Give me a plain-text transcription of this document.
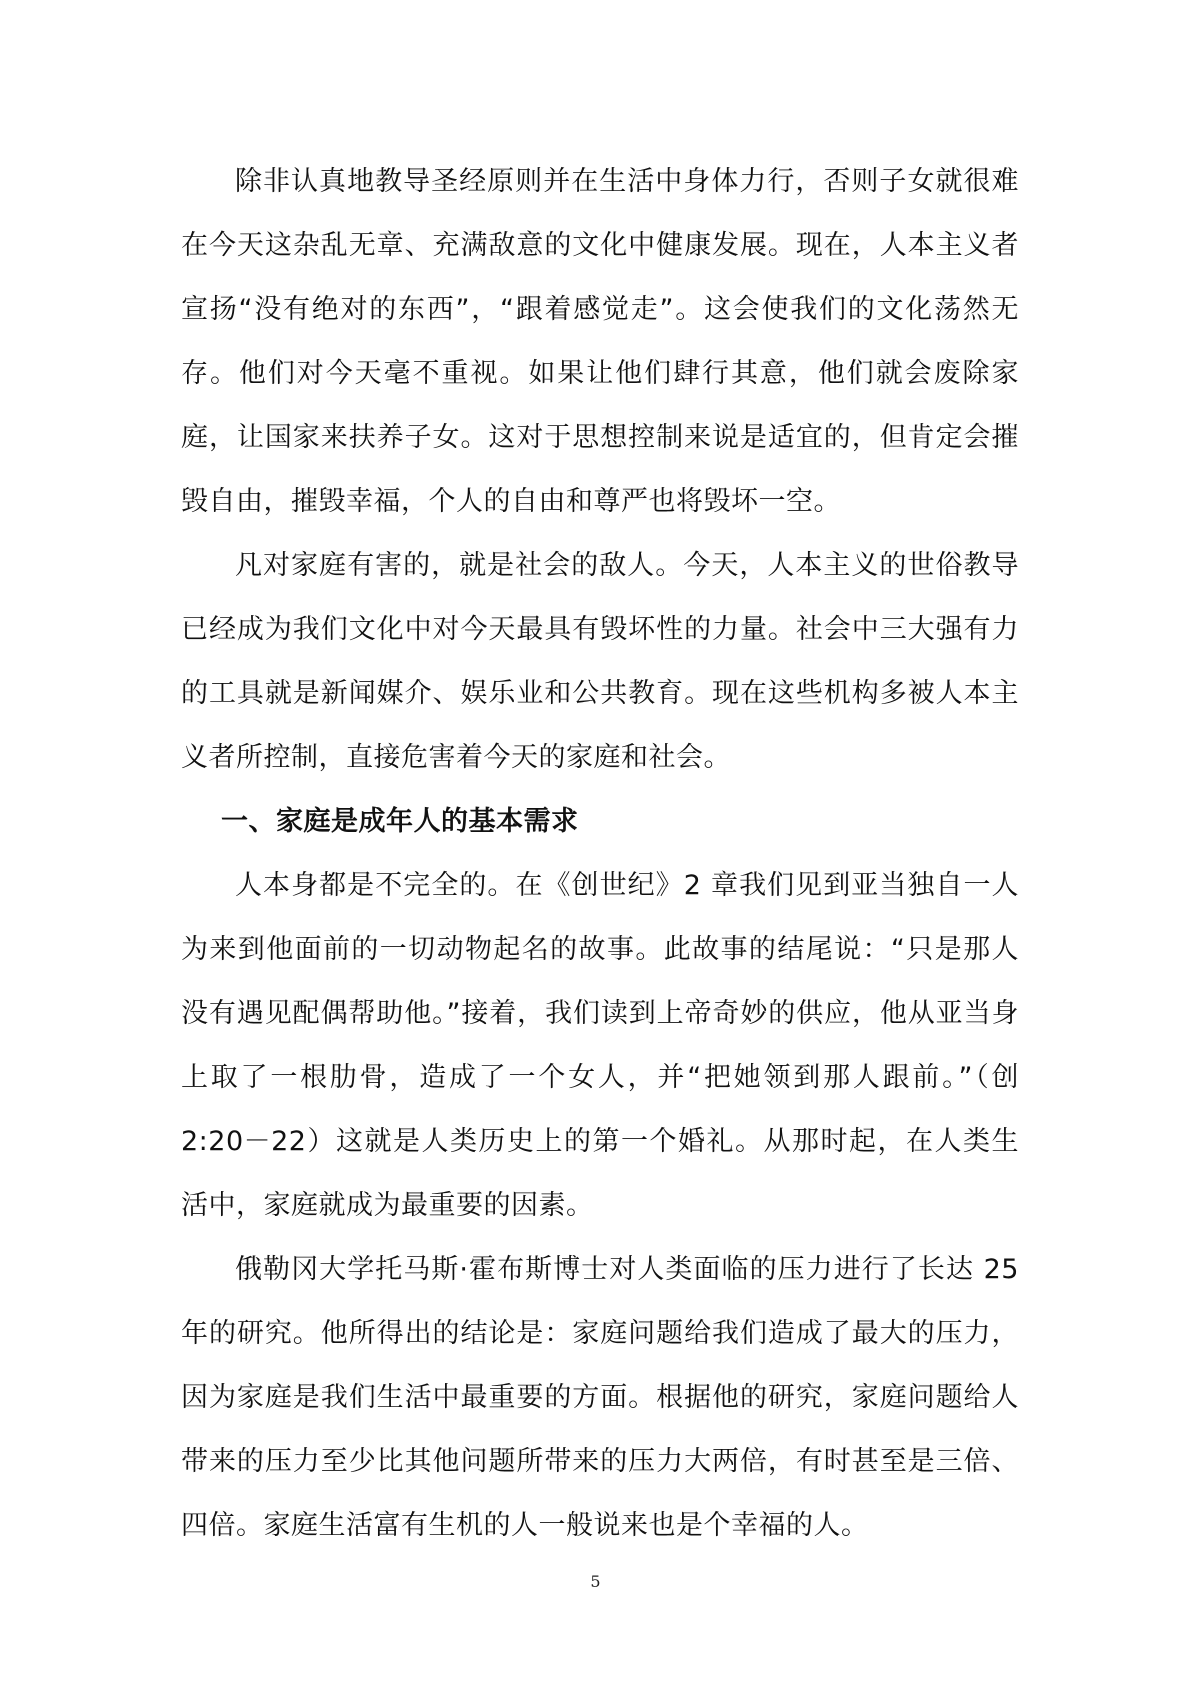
除非认真地教导圣经原则并在生活中身体力行，否则子女就很难在今天这杂乱无章、充满敌意的文化中健康发展。现在，人本主义者宣扬“没有绝对的东西”，“跟着感觉走”。这会使我们的文化荡然无存。他们对今天毫不重视。如果让他们肆行其意，他们就会废除家庭，让国家来扶养子女。这对于思想控制来说是适宜的，但肯定会摧毁自由，摧毁幸福，个人的自由和尊严也将毁坏一空。

凡对家庭有害的，就是社会的敌人。今天，人本主义的世俗教导已经成为我们文化中对今天最具有毁坏性的力量。社会中三大强有力的工具就是新闻媒介、娱乐业和公共教育。现在这些机构多被人本主义者所控制，直接危害着今天的家庭和社会。

一、家庭是成年人的基本需求

人本身都是不完全的。在《创世纪》2 章我们见到亚当独自一人为来到他面前的一切动物起名的故事。此故事的结尾说：“只是那人没有遇见配偶帮助他。”接着，我们读到上帝奇妙的供应，他从亚当身上取了一根肋骨，造成了一个女人，并“把她领到那人跟前。”（创 2:20－22）这就是人类历史上的第一个婚礼。从那时起，在人类生活中，家庭就成为最重要的因素。

俄勒冈大学托马斯·霍布斯博士对人类面临的压力进行了长达 25 年的研究。他所得出的结论是：家庭问题给我们造成了最大的压力，因为家庭是我们生活中最重要的方面。根据他的研究，家庭问题给人带来的压力至少比其他问题所带来的压力大两倍，有时甚至是三倍、四倍。家庭生活富有生机的人一般说来也是个幸福的人。

5
